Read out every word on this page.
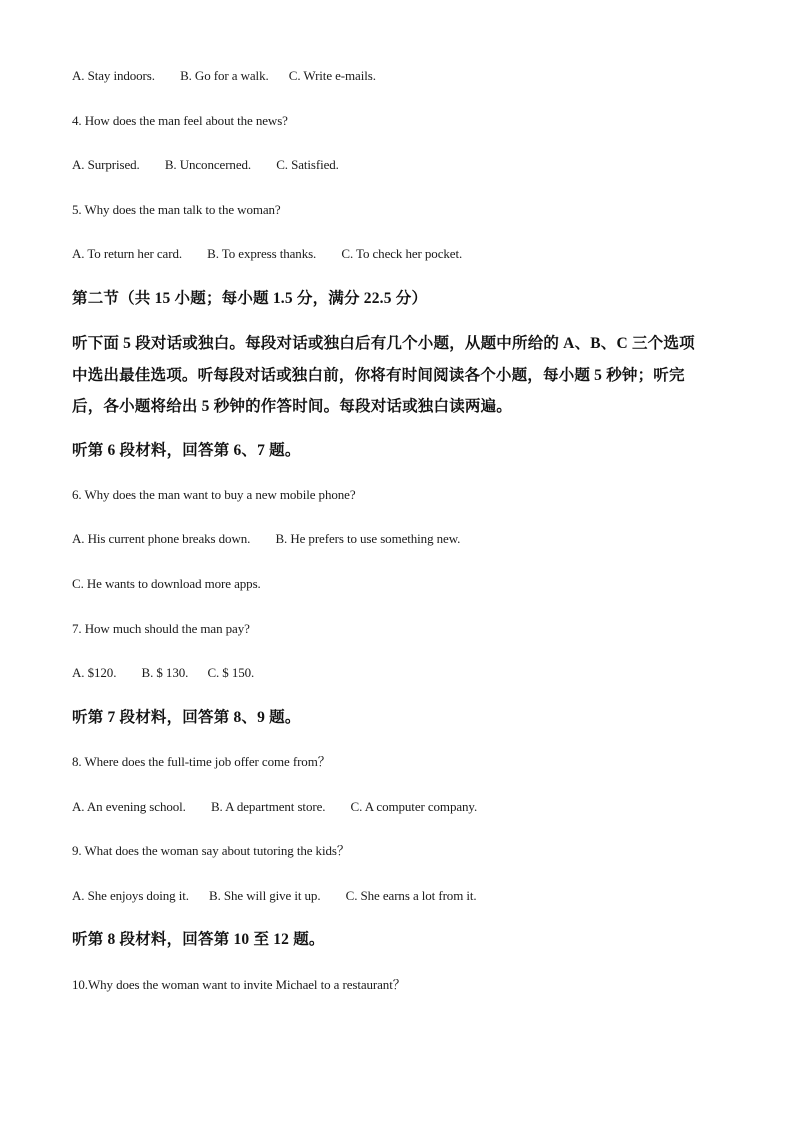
A. Stay indoors. B. Go for a walk. C. Write e-mails.
4. How does the man feel about the news?
A. Surprised. B. Unconcerned. C. Satisfied.
5. Why does the man talk to the woman?
A. To return her card. B. To express thanks. C. To check her pocket.
第二节（共 15 小题；每小题 1.5 分，满分 22.5 分）
听下面 5 段对话或独白。每段对话或独白后有几个小题，从题中所给的 A、B、C 三个选项
中选出最佳选项。听每段对话或独白前，你将有时间阅读各个小题，每小题 5 秒钟；听完
后，各小题将给出 5 秒钟的作答时间。每段对话或独白读两遍。
听第 6 段材料，回答第 6、7 题。
6. Why does the man want to buy a new mobile phone?
A. His current phone breaks down. B. He prefers to use something new.
C. He wants to download more apps.
7. How much should the man pay?
A. $120. B. $ 130. C. $ 150.
听第 7 段材料，回答第 8、9 题。
8. Where does the full-time job offer come from？
A. An evening school. B. A department store. C. A computer company.
9. What does the woman say about tutoring the kids？
A. She enjoys doing it. B. She will give it up. C. She earns a lot from it.
听第 8 段材料，回答第 10 至 12 题。
10.Why does the woman want to invite Michael to a restaurant？
